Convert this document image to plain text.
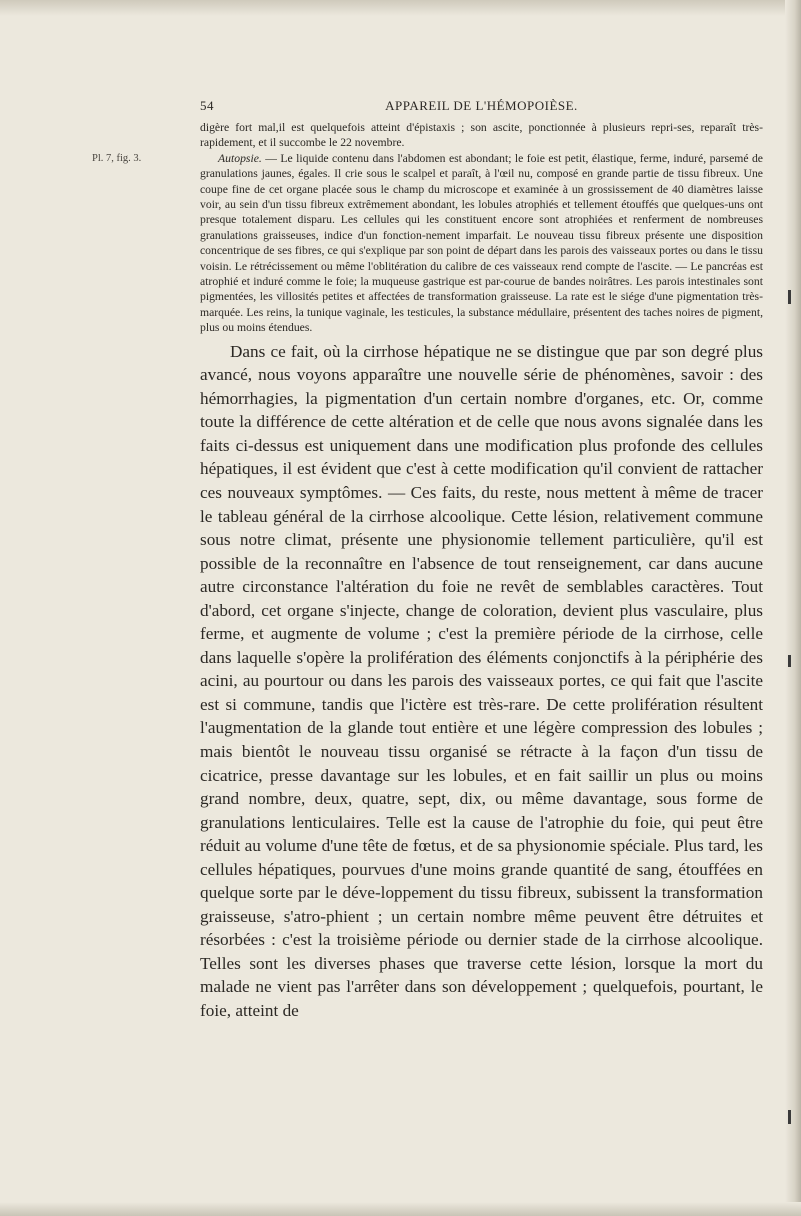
54	APPAREIL DE L'HÉMOPOIÈSE.

digère fort mal,il est quelquefois atteint d'épistaxis ; son ascite, ponctionnée à plusieurs repri-ses, reparaît très-rapidement, et il succombe le 22 novembre.

Pl. 7, fig. 3.	Autopsie. — Le liquide contenu dans l'abdomen est abondant; le foie est petit, élastique, ferme, induré, parsemé de granulations jaunes, égales. Il crie sous le scalpel et paraît, à l'œil nu, composé en grande partie de tissu fibreux. Une coupe fine de cet organe placée sous le champ du microscope et examinée à un grossissement de 40 diamètres laisse voir, au sein d'un tissu fibreux extrêmement abondant, les lobules atrophiés et tellement étouffés que quelques-uns ont presque totalement disparu. Les cellules qui les constituent encore sont atrophiées et renferment de nombreuses granulations graisseuses, indice d'un fonction-nement imparfait. Le nouveau tissu fibreux présente une disposition concentrique de ses fibres, ce qui s'explique par son point de départ dans les parois des vaisseaux portes ou dans le tissu voisin. Le rétrécissement ou même l'oblitération du calibre de ces vaisseaux rend compte de l'ascite. — Le pancréas est atrophié et induré comme le foie; la muqueuse gastrique est par-courue de bandes noirâtres. Les parois intestinales sont pigmentées, les villosités petites et affectées de transformation graisseuse. La rate est le siége d'une pigmentation très-marquée. Les reins, la tunique vaginale, les testicules, la substance médullaire, présentent des taches noires de pigment, plus ou moins étendues.

Dans ce fait, où la cirrhose hépatique ne se distingue que par son degré plus avancé, nous voyons apparaître une nouvelle série de phénomènes, savoir : des hémorrhagies, la pigmentation d'un certain nombre d'organes, etc. Or, comme toute la différence de cette altération et de celle que nous avons signalée dans les faits ci-dessus est uniquement dans une modification plus profonde des cellules hépatiques, il est évident que c'est à cette modification qu'il convient de rattacher ces nouveaux symptômes. — Ces faits, du reste, nous mettent à même de tracer le tableau général de la cirrhose alcoolique. Cette lésion, relativement commune sous notre climat, présente une physionomie tellement particulière, qu'il est possible de la reconnaître en l'absence de tout renseignement, car dans aucune autre circonstance l'altération du foie ne revêt de semblables caractères. Tout d'abord, cet organe s'injecte, change de coloration, devient plus vasculaire, plus ferme, et augmente de volume ; c'est la première période de la cirrhose, celle dans laquelle s'opère la prolifération des éléments conjonctifs à la périphérie des acini, au pourtour ou dans les parois des vaisseaux portes, ce qui fait que l'ascite est si commune, tandis que l'ictère est très-rare. De cette prolifération résultent l'augmentation de la glande tout entière et une légère compression des lobules ; mais bientôt le nouveau tissu organisé se rétracte à la façon d'un tissu de cicatrice, presse davantage sur les lobules, et en fait saillir un plus ou moins grand nombre, deux, quatre, sept, dix, ou même davantage, sous forme de granulations lenticulaires. Telle est la cause de l'atrophie du foie, qui peut être réduit au volume d'une tête de fœtus, et de sa physionomie spéciale. Plus tard, les cellules hépatiques, pourvues d'une moins grande quantité de sang, étouffées en quelque sorte par le déve-loppement du tissu fibreux, subissent la transformation graisseuse, s'atro-phient ; un certain nombre même peuvent être détruites et résorbées : c'est la troisième période ou dernier stade de la cirrhose alcoolique. Telles sont les diverses phases que traverse cette lésion, lorsque la mort du malade ne vient pas l'arrêter dans son développement ; quelquefois, pourtant, le foie, atteint de
